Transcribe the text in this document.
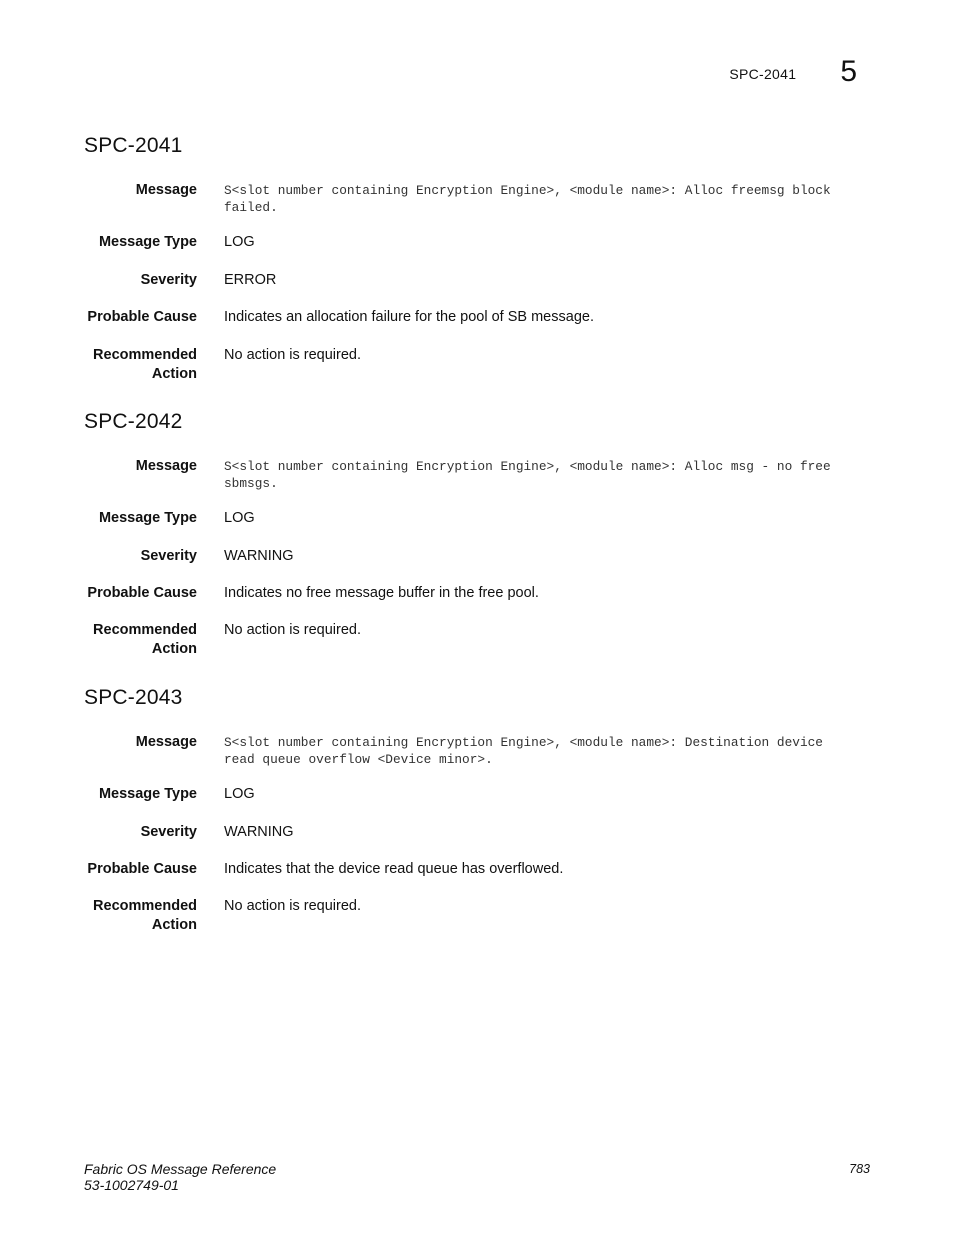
SPC-2041 5
SPC-2041
Message S<slot number containing Encryption Engine>, <module name>: Alloc freemsg block
failed.
Message Type LOG
Severity ERROR
Probable Cause Indicates an allocation failure for the pool of SB message.
Recommended
Action
No action is required.
SPC-2042
Message S<slot number containing Encryption Engine>, <module name>: Alloc msg - no free
sbmsgs.
Message Type LOG
Severity WARNING
Probable Cause Indicates no free message buffer in the free pool.
Recommended
Action
No action is required.
SPC-2043
Message S<slot number containing Encryption Engine>, <module name>: Destination device
read queue overflow <Device minor>.
Message Type LOG
Severity WARNING
Probable Cause Indicates that the device read queue has overflowed.
Recommended
Action
No action is required.
Fabric OS Message Reference
53-1002749-01
783
